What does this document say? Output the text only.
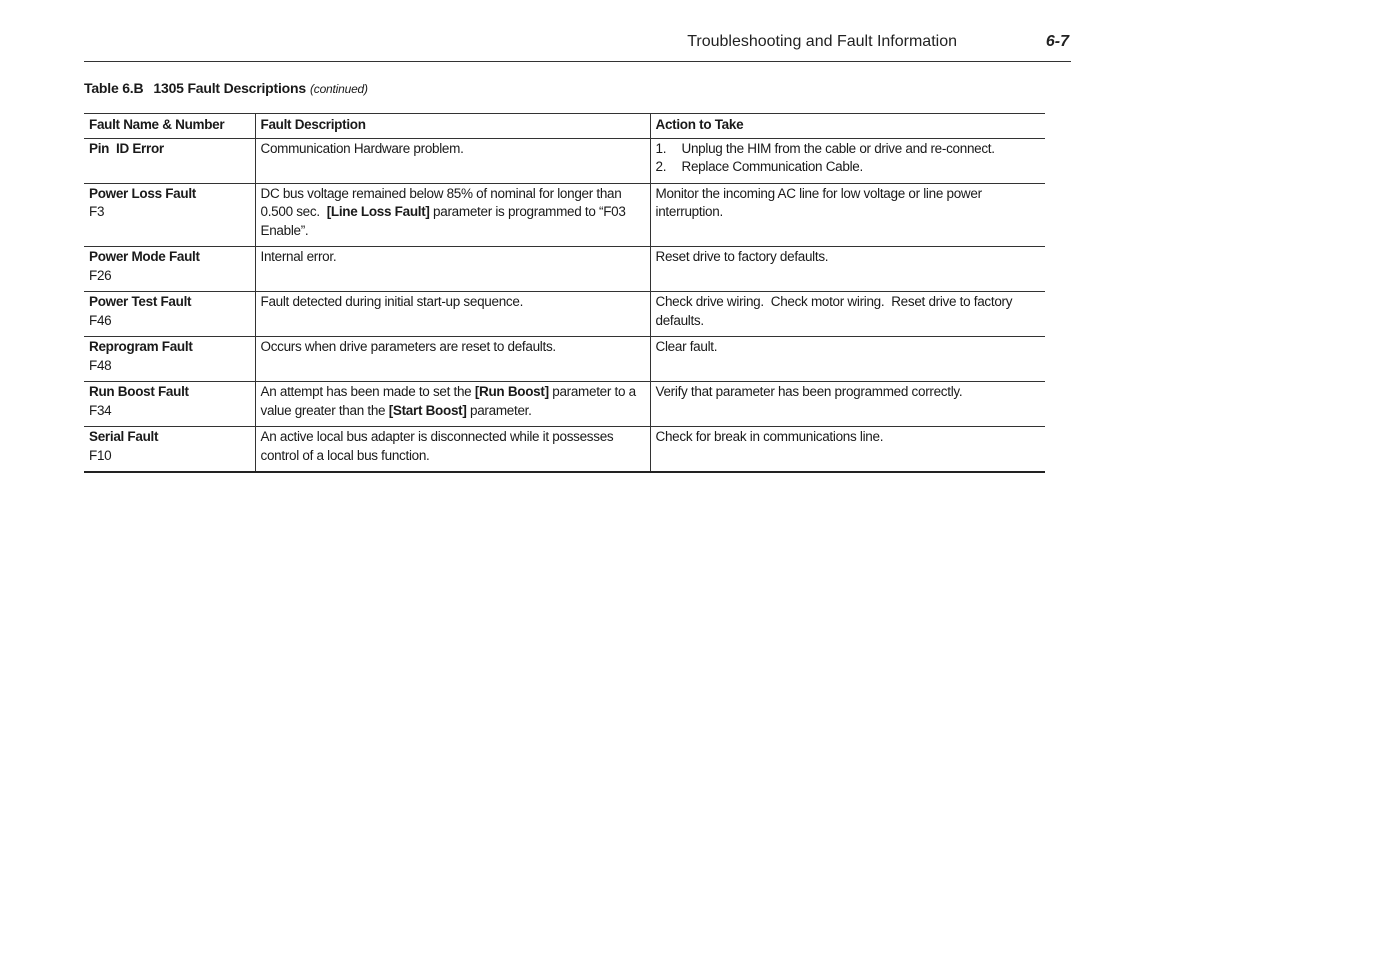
Troubleshooting and Fault Information	6-7
Table 6.B 1305 Fault Descriptions (continued)
Fault Name & Number	Fault Description	Action to Take

Pin  ID Error	Communication Hardware problem.	1. Unplug the HIM from the cable or drive and re-connect.
2. Replace Communication Cable.

Power Loss Fault
F3	DC bus voltage remained below 85% of nominal for longer than 0.500 sec.  [Line Loss Fault] parameter is programmed to “F03 Enable”.	Monitor the incoming AC line for low voltage or line power interruption.

Power Mode Fault
F26	Internal error.	Reset drive to factory defaults.

Power Test Fault
F46	Fault detected during initial start-up sequence.	Check drive wiring.  Check motor wiring.  Reset drive to factory defaults.

Reprogram Fault
F48	Occurs when drive parameters are reset to defaults.	Clear fault.

Run Boost Fault
F34	An attempt has been made to set the [Run Boost] parameter to a value greater than the [Start Boost] parameter.	Verify that parameter has been programmed correctly.

Serial Fault
F10	An active local bus adapter is disconnected while it possesses control of a local bus function.	Check for break in communications line.
